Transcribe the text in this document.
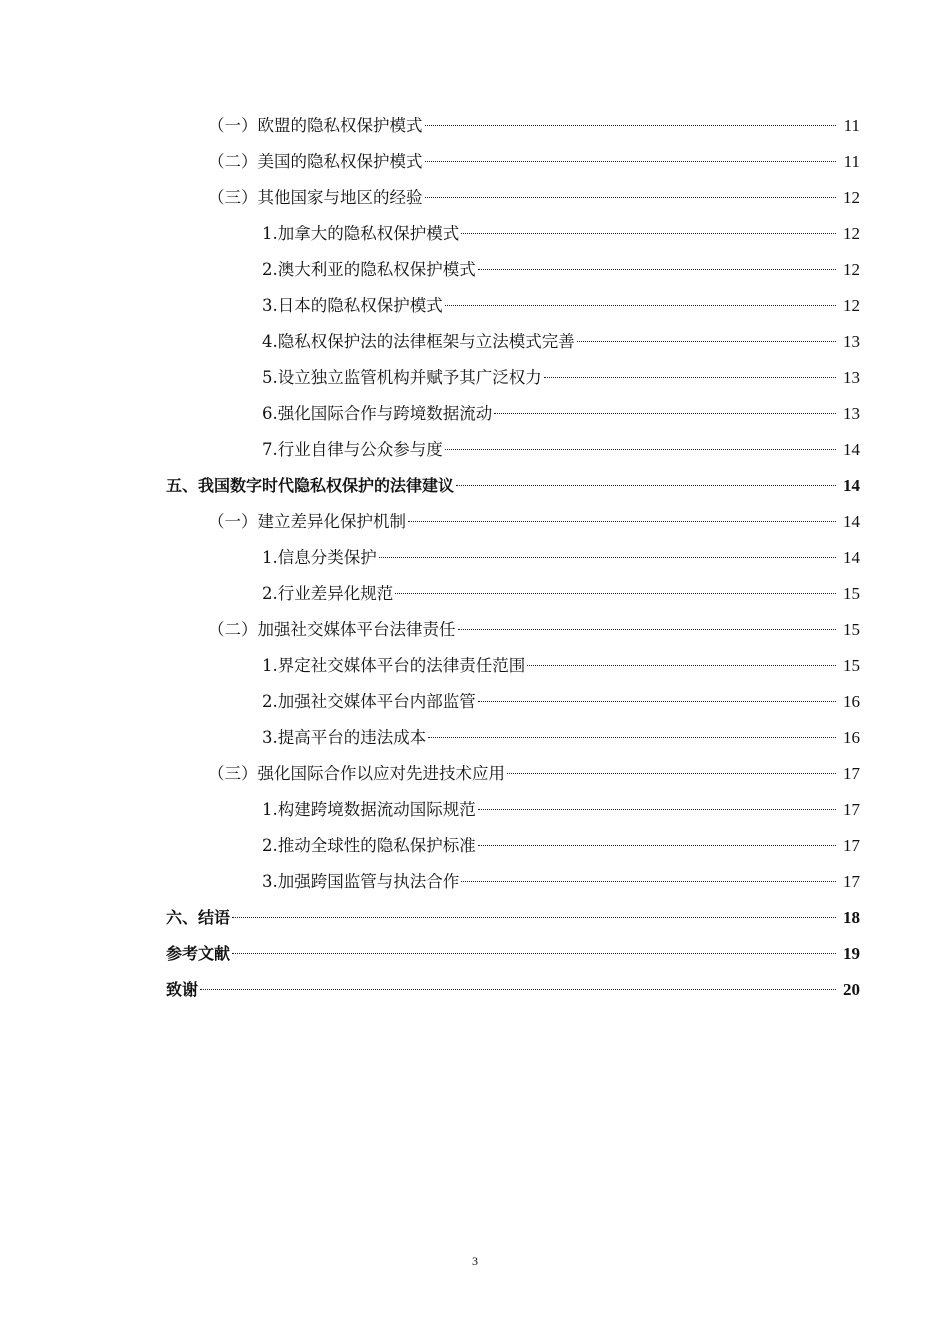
（一）欧盟的隐私权保护模式	11
（二）美国的隐私权保护模式	11
（三）其他国家与地区的经验	12
1.加拿大的隐私权保护模式	12
2.澳大利亚的隐私权保护模式	12
3.日本的隐私权保护模式	12
4.隐私权保护法的法律框架与立法模式完善	13
5.设立独立监管机构并赋予其广泛权力	13
6.强化国际合作与跨境数据流动	13
7.行业自律与公众参与度	14
五、我国数字时代隐私权保护的法律建议	14
（一）建立差异化保护机制	14
1.信息分类保护	14
2.行业差异化规范	15
（二）加强社交媒体平台法律责任	15
1.界定社交媒体平台的法律责任范围	15
2.加强社交媒体平台内部监管	16
3.提高平台的违法成本	16
（三）强化国际合作以应对先进技术应用	17
1.构建跨境数据流动国际规范	17
2.推动全球性的隐私保护标准	17
3.加强跨国监管与执法合作	17
六、结语	18
参考文献	19
致谢	20
3
